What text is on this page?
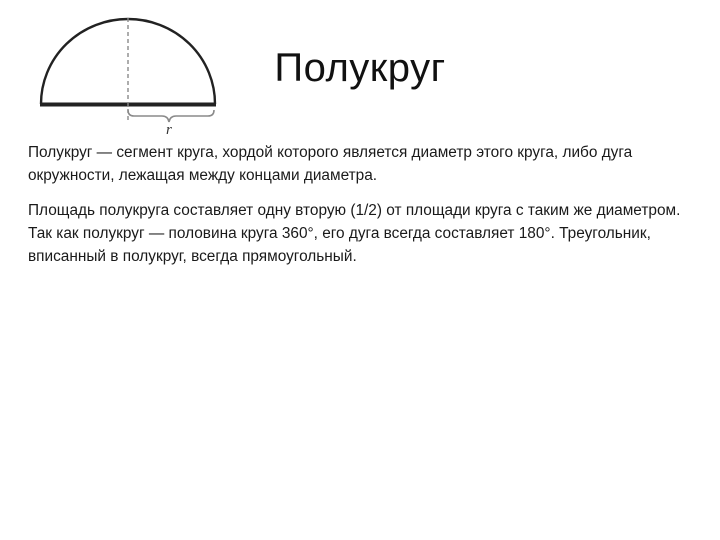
r
Полукруг

Полукруг — сегмент круга, хордой которого является диаметр этого круга, либо дуга окружности, лежащая между концами диаметра.

Площадь полукруга составляет одну вторую (1/2) от площади круга с таким же диаметром. Так как полукруг — половина круга 360°, его дуга всегда составляет 180°. Треугольник, вписанный в полукруг, всегда прямоугольный.
